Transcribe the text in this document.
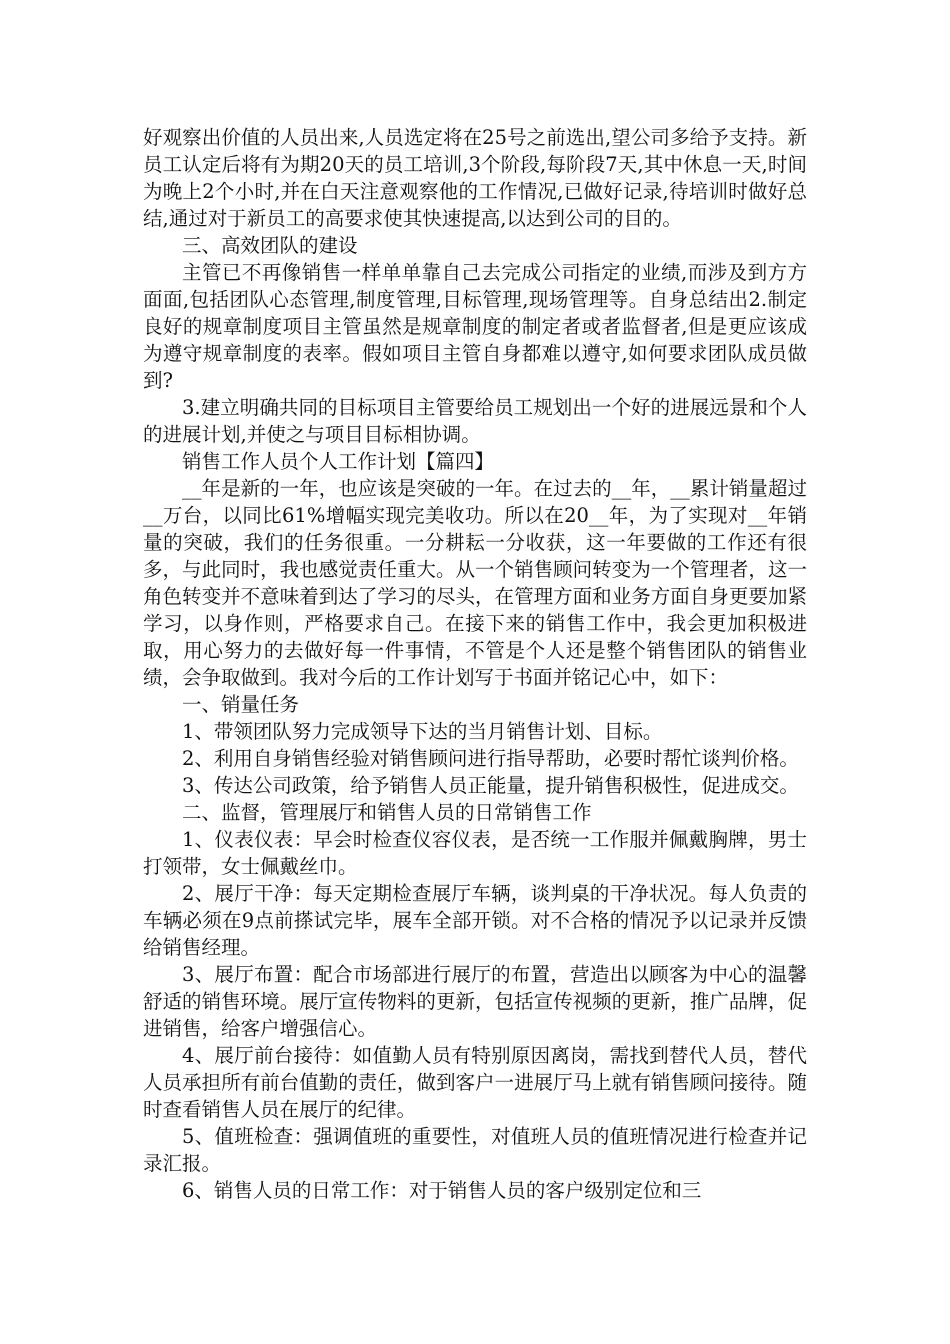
好观察出价值的人员出来,人员选定将在25号之前选出,望公司多给予支持。新员工认定后将有为期20天的员工培训,3个阶段,每阶段7天,其中休息一天,时间为晚上2个小时,并在白天注意观察他的工作情况,已做好记录,待培训时做好总结,通过对于新员工的高要求使其快速提高,以达到公司的目的。

三、高效团队的建设

主管已不再像销售一样单单靠自己去完成公司指定的业绩,而涉及到方方面面,包括团队心态管理,制度管理,目标管理,现场管理等。自身总结出2.制定良好的规章制度项目主管虽然是规章制度的制定者或者监督者,但是更应该成为遵守规章制度的表率。假如项目主管自身都难以遵守,如何要求团队成员做到?

3.建立明确共同的目标项目主管要给员工规划出一个好的进展远景和个人的进展计划,并使之与项目目标相协调。

销售工作人员个人工作计划【篇四】

__年是新的一年，也应该是突破的一年。在过去的__年，__累计销量超过__万台，以同比61%增幅实现完美收功。所以在20__年，为了实现对__年销量的突破，我们的任务很重。一分耕耘一分收获，这一年要做的工作还有很多，与此同时，我也感觉责任重大。从一个销售顾问转变为一个管理者，这一角色转变并不意味着到达了学习的尽头，在管理方面和业务方面自身更要加紧学习，以身作则，严格要求自己。在接下来的销售工作中，我会更加积极进取，用心努力的去做好每一件事情，不管是个人还是整个销售团队的销售业绩，会争取做到。我对今后的工作计划写于书面并铭记心中，如下：

一、销量任务

1、带领团队努力完成领导下达的当月销售计划、目标。

2、利用自身销售经验对销售顾问进行指导帮助，必要时帮忙谈判价格。

3、传达公司政策，给予销售人员正能量，提升销售积极性，促进成交。

二、监督，管理展厅和销售人员的日常销售工作

1、仪表仪表：早会时检查仪容仪表，是否统一工作服并佩戴胸牌，男士打领带，女士佩戴丝巾。

2、展厅干净：每天定期检查展厅车辆，谈判桌的干净状况。每人负责的车辆必须在9点前搽试完毕，展车全部开锁。对不合格的情况予以记录并反馈给销售经理。

3、展厅布置：配合市场部进行展厅的布置，营造出以顾客为中心的温馨舒适的销售环境。展厅宣传物料的更新，包括宣传视频的更新，推广品牌，促进销售，给客户增强信心。

4、展厅前台接待：如值勤人员有特别原因离岗，需找到替代人员，替代人员承担所有前台值勤的责任，做到客户一进展厅马上就有销售顾问接待。随时查看销售人员在展厅的纪律。

5、值班检查：强调值班的重要性，对值班人员的值班情况进行检查并记录汇报。

6、销售人员的日常工作：对于销售人员的客户级别定位和三
